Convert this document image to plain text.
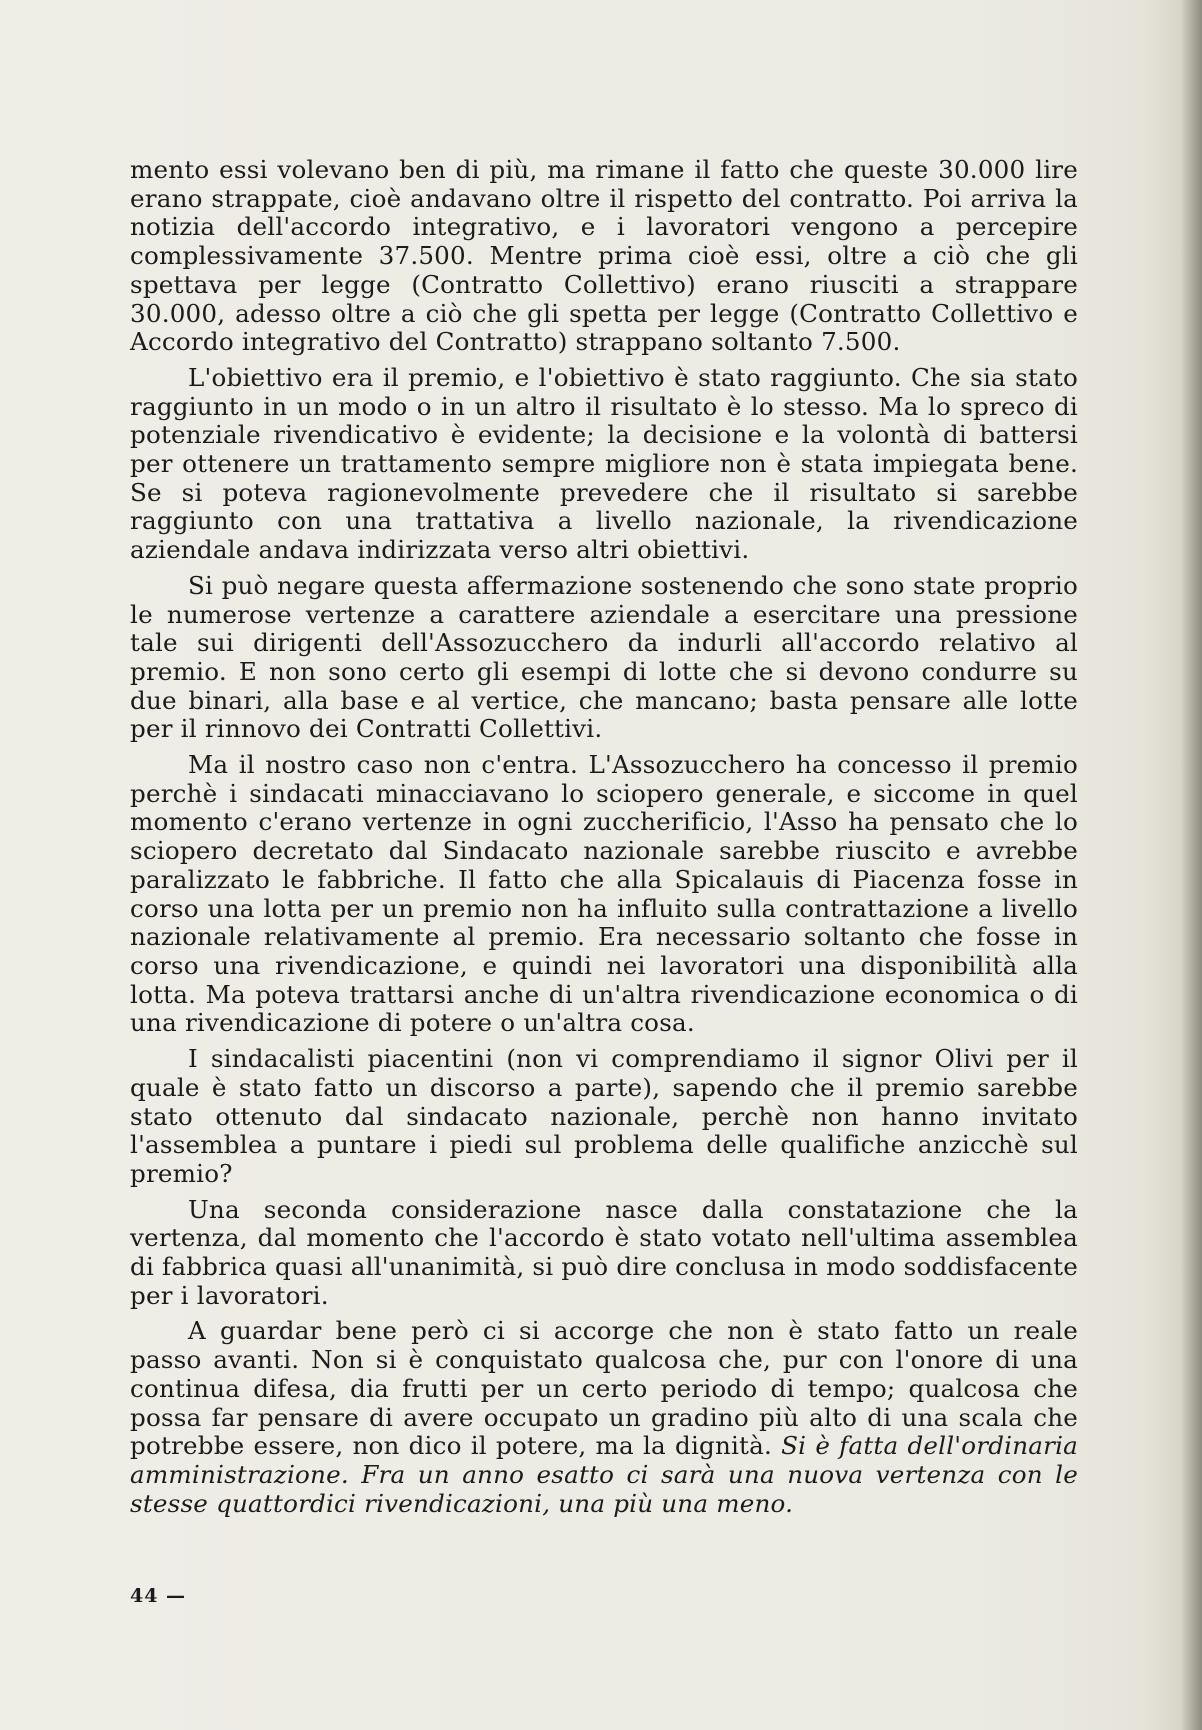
mento essi volevano ben di più, ma rimane il fatto che queste 30.000 lire erano strappate, cioè andavano oltre il rispetto del contratto. Poi arriva la notizia dell'accordo integrativo, e i lavoratori vengono a percepire complessivamente 37.500. Mentre prima cioè essi, oltre a ciò che gli spettava per legge (Contratto Collettivo) erano riusciti a strappare 30.000, adesso oltre a ciò che gli spetta per legge (Contratto Collettivo e Accordo integrativo del Contratto) strappano soltanto 7.500.

L'obiettivo era il premio, e l'obiettivo è stato raggiunto. Che sia stato raggiunto in un modo o in un altro il risultato è lo stesso. Ma lo spreco di potenziale rivendicativo è evidente; la decisione e la volontà di battersi per ottenere un trattamento sempre migliore non è stata impiegata bene. Se si poteva ragionevolmente prevedere che il risultato si sarebbe raggiunto con una trattativa a livello nazionale, la rivendicazione aziendale andava indirizzata verso altri obiettivi.

Si può negare questa affermazione sostenendo che sono state proprio le numerose vertenze a carattere aziendale a esercitare una pressione tale sui dirigenti dell'Assozucchero da indurli all'accordo relativo al premio. E non sono certo gli esempi di lotte che si devono condurre su due binari, alla base e al vertice, che mancano; basta pensare alle lotte per il rinnovo dei Contratti Collettivi.

Ma il nostro caso non c'entra. L'Assozucchero ha concesso il premio perchè i sindacati minacciavano lo sciopero generale, e siccome in quel momento c'erano vertenze in ogni zuccherificio, l'Asso ha pensato che lo sciopero decretato dal Sindacato nazionale sarebbe riuscito e avrebbe paralizzato le fabbriche. Il fatto che alla Spicalauis di Piacenza fosse in corso una lotta per un premio non ha influito sulla contrattazione a livello nazionale relativamente al premio. Era necessario soltanto che fosse in corso una rivendicazione, e quindi nei lavoratori una disponibilità alla lotta. Ma poteva trattarsi anche di un'altra rivendicazione economica o di una rivendicazione di potere o un'altra cosa.

I sindacalisti piacentini (non vi comprendiamo il signor Olivi per il quale è stato fatto un discorso a parte), sapendo che il premio sarebbe stato ottenuto dal sindacato nazionale, perchè non hanno invitato l'assemblea a puntare i piedi sul problema delle qualifiche anzicchè sul premio?

Una seconda considerazione nasce dalla constatazione che la vertenza, dal momento che l'accordo è stato votato nell'ultima assemblea di fabbrica quasi all'unanimità, si può dire conclusa in modo soddisfacente per i lavoratori.

A guardar bene però ci si accorge che non è stato fatto un reale passo avanti. Non si è conquistato qualcosa che, pur con l'onore di una continua difesa, dia frutti per un certo periodo di tempo; qualcosa che possa far pensare di avere occupato un gradino più alto di una scala che potrebbe essere, non dico il potere, ma la dignità. Si è fatta dell'ordinaria amministrazione. Fra un anno esatto ci sarà una nuova vertenza con le stesse quattordici rivendicazioni, una più una meno.

44 —
